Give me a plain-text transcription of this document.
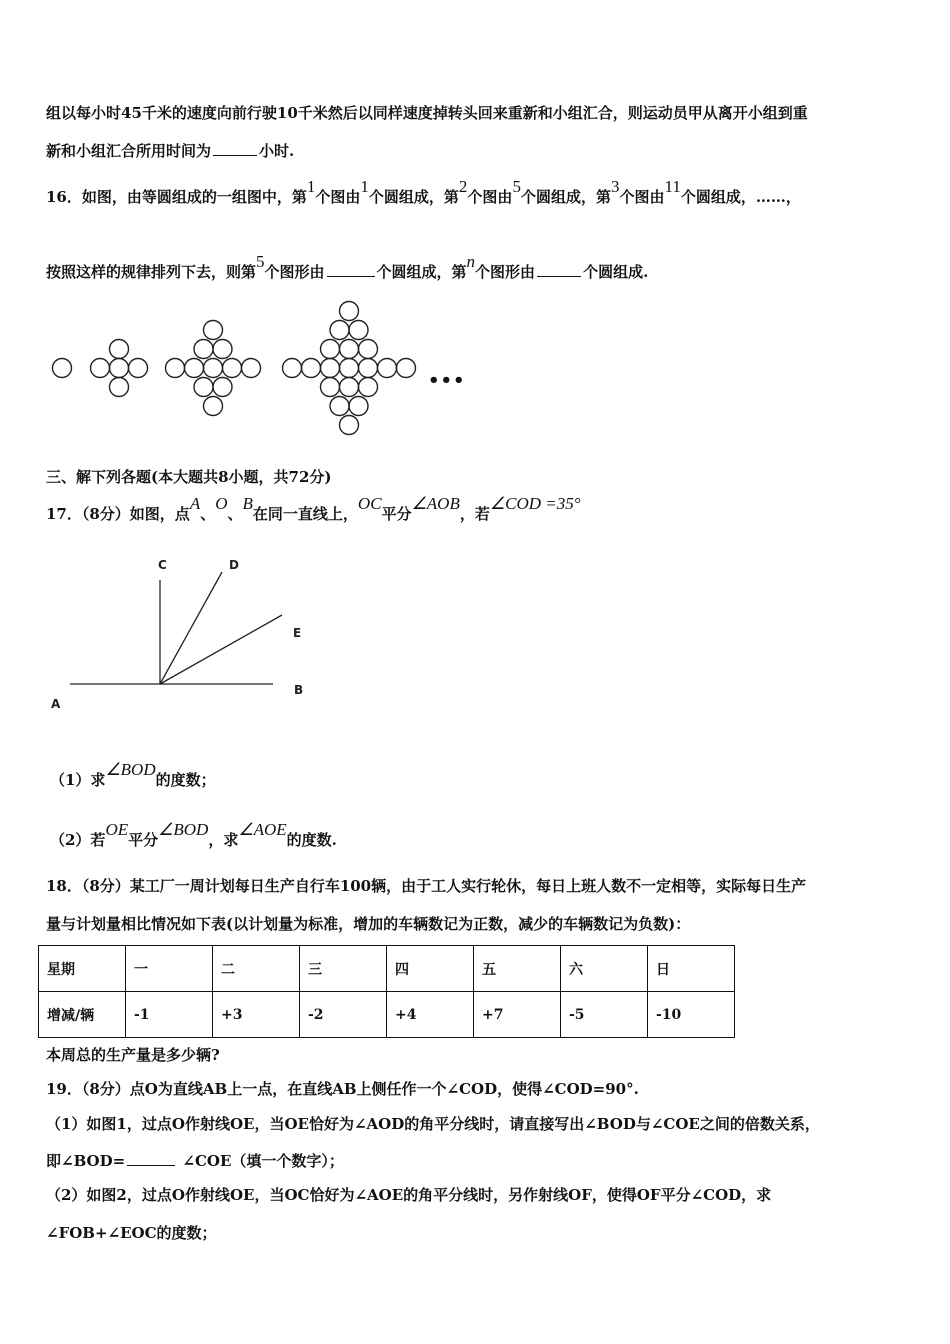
组以每小时45千米的速度向前行驶10千米然后以同样速度掉转头回来重新和小组汇合，则运动员甲从离开小组到重
新和小组汇合所用时间为	小时.
16．如图，由等圆组成的一组图中，第1个图由1个圆组成，第2个图由5个圆组成，第3个图由11个圆组成，……，
按照这样的规律排列下去，则第5个图形由	个圆组成，第n个图形由	个圆组成.
•••
三、解下列各题(本大题共8小题，共72分)
17．（8分）如图，点A、O、B在同一直线上，OC平分∠AOB，若∠COD =35°
C	D
E
B
A
（1）求∠BOD的度数；
（2）若OE平分∠BOD，求∠AOE的度数.
18．（8分）某工厂一周计划每日生产自行车100辆，由于工人实行轮休，每日上班人数不一定相等，实际每日生产
量与计划量相比情况如下表(以计划量为标准，增加的车辆数记为正数，减少的车辆数记为负数)：
星期	一	二	三	四	五	六	日
增减/辆	-1	+3	-2	+4	+7	-5	-10
本周总的生产量是多少辆?
19．（8分）点O为直线AB上一点，在直线AB上侧任作一个∠COD，使得∠COD=90°.
（1）如图1，过点O作射线OE，当OE恰好为∠AOD的角平分线时，请直接写出∠BOD与∠COE之间的倍数关系，
即∠BOD=	∠COE（填一个数字）；
（2）如图2，过点O作射线OE，当OC恰好为∠AOE的角平分线时，另作射线OF，使得OF平分∠COD，求
∠FOB+∠EOC的度数；
